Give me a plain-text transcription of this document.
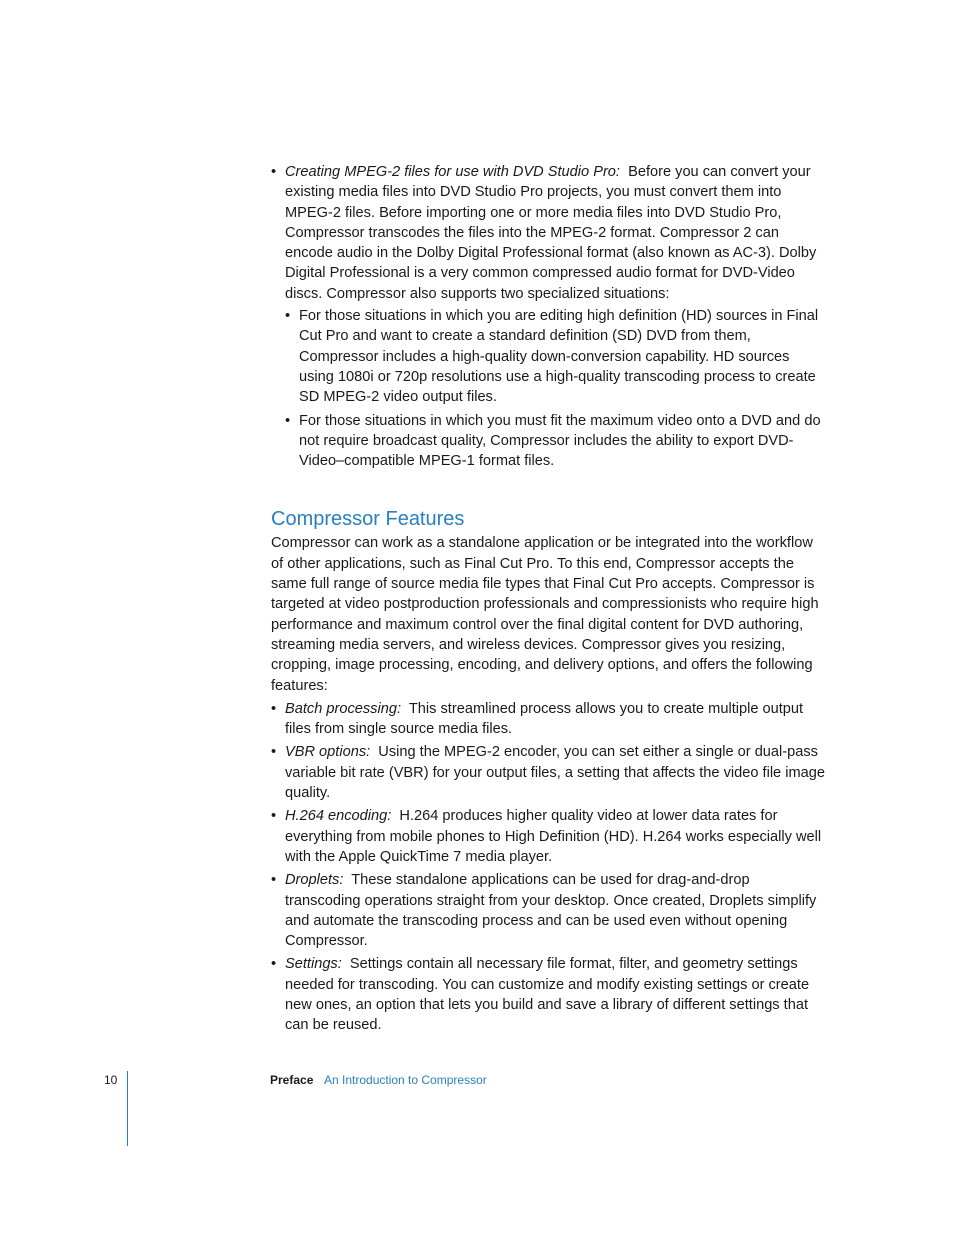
• Creating MPEG-2 files for use with DVD Studio Pro: Before you can convert your existing media files into DVD Studio Pro projects, you must convert them into MPEG-2 files. Before importing one or more media files into DVD Studio Pro, Compressor transcodes the files into the MPEG-2 format. Compressor 2 can encode audio in the Dolby Digital Professional format (also known as AC-3). Dolby Digital Professional is a very common compressed audio format for DVD-Video discs. Compressor also supports two specialized situations:
• For those situations in which you are editing high definition (HD) sources in Final Cut Pro and want to create a standard definition (SD) DVD from them, Compressor includes a high-quality down-conversion capability. HD sources using 1080i or 720p resolutions use a high-quality transcoding process to create SD MPEG-2 video output files.
• For those situations in which you must fit the maximum video onto a DVD and do not require broadcast quality, Compressor includes the ability to export DVD-Video–compatible MPEG-1 format files.
Compressor Features

Compressor can work as a standalone application or be integrated into the workflow of other applications, such as Final Cut Pro. To this end, Compressor accepts the same full range of source media file types that Final Cut Pro accepts. Compressor is targeted at video postproduction professionals and compressionists who require high performance and maximum control over the final digital content for DVD authoring, streaming media servers, and wireless devices. Compressor gives you resizing, cropping, image processing, encoding, and delivery options, and offers the following features:

• Batch processing: This streamlined process allows you to create multiple output files from single source media files.
• VBR options: Using the MPEG-2 encoder, you can set either a single or dual-pass variable bit rate (VBR) for your output files, a setting that affects the video file image quality.
• H.264 encoding: H.264 produces higher quality video at lower data rates for everything from mobile phones to High Definition (HD). H.264 works especially well with the Apple QuickTime 7 media player.
• Droplets: These standalone applications can be used for drag-and-drop transcoding operations straight from your desktop. Once created, Droplets simplify and automate the transcoding process and can be used even without opening Compressor.
• Settings: Settings contain all necessary file format, filter, and geometry settings needed for transcoding. You can customize and modify existing settings or create new ones, an option that lets you build and save a library of different settings that can be reused.
10	Preface An Introduction to Compressor
